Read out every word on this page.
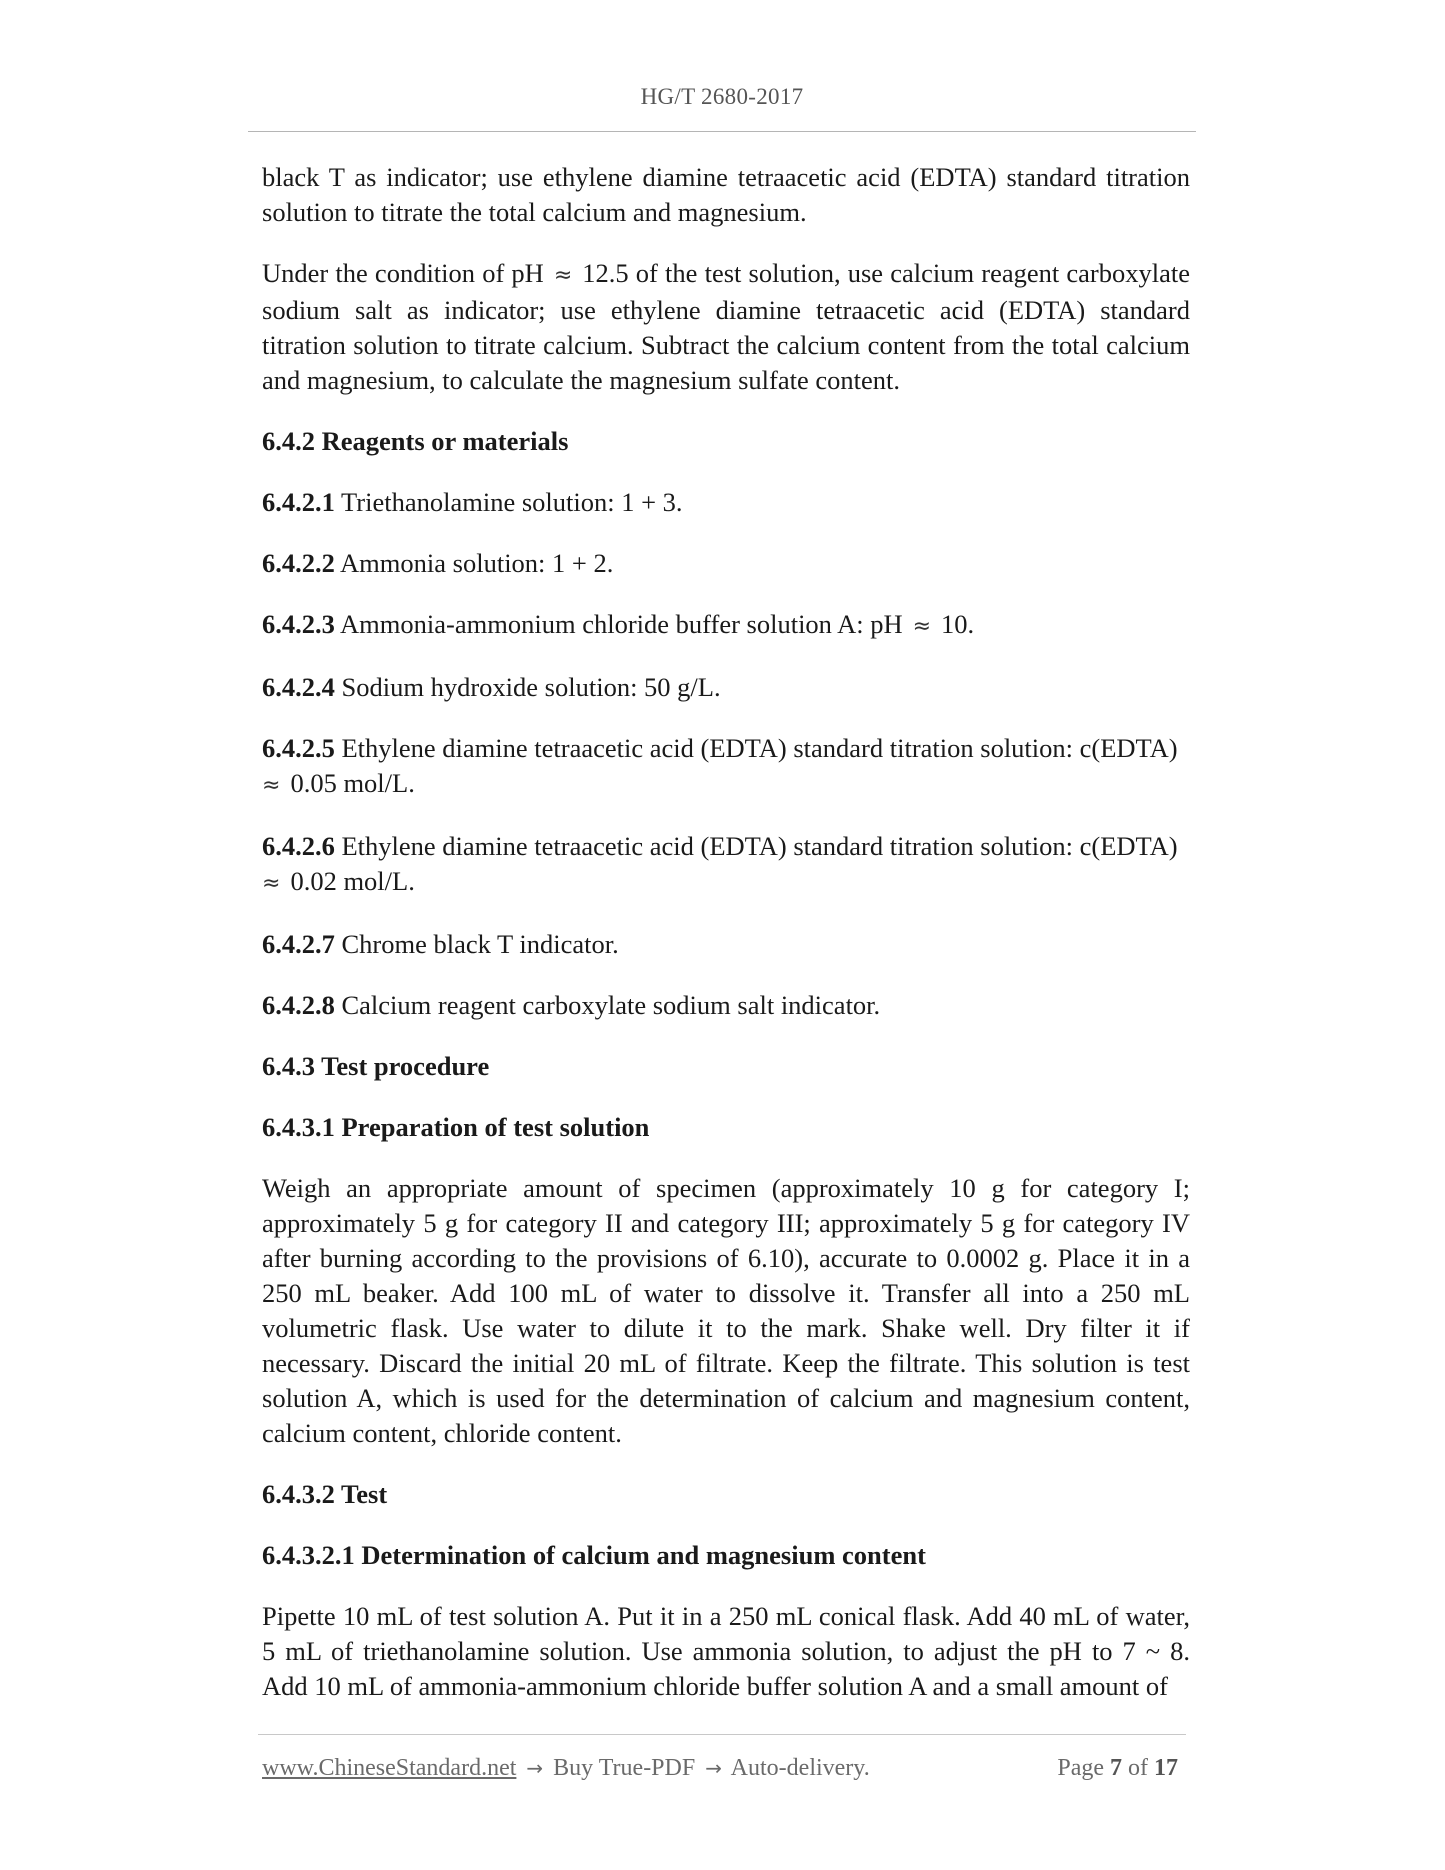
HG/T 2680-2017

black T as indicator; use ethylene diamine tetraacetic acid (EDTA) standard titration solution to titrate the total calcium and magnesium.

Under the condition of pH ≈ 12.5 of the test solution, use calcium reagent carboxylate sodium salt as indicator; use ethylene diamine tetraacetic acid (EDTA) standard titration solution to titrate calcium. Subtract the calcium content from the total calcium and magnesium, to calculate the magnesium sulfate content.

6.4.2 Reagents or materials

6.4.2.1 Triethanolamine solution: 1 + 3.

6.4.2.2 Ammonia solution: 1 + 2.

6.4.2.3 Ammonia-ammonium chloride buffer solution A: pH ≈ 10.

6.4.2.4 Sodium hydroxide solution: 50 g/L.

6.4.2.5 Ethylene diamine tetraacetic acid (EDTA) standard titration solution: c(EDTA)
≈ 0.05 mol/L.

6.4.2.6 Ethylene diamine tetraacetic acid (EDTA) standard titration solution: c(EDTA)
≈ 0.02 mol/L.

6.4.2.7 Chrome black T indicator.

6.4.2.8 Calcium reagent carboxylate sodium salt indicator.

6.4.3 Test procedure

6.4.3.1 Preparation of test solution

Weigh an appropriate amount of specimen (approximately 10 g for category I; approximately 5 g for category II and category III; approximately 5 g for category IV after burning according to the provisions of 6.10), accurate to 0.0002 g. Place it in a 250 mL beaker. Add 100 mL of water to dissolve it. Transfer all into a 250 mL volumetric flask. Use water to dilute it to the mark. Shake well. Dry filter it if necessary. Discard the initial 20 mL of filtrate. Keep the filtrate. This solution is test solution A, which is used for the determination of calcium and magnesium content, calcium content, chloride content.

6.4.3.2 Test

6.4.3.2.1 Determination of calcium and magnesium content

Pipette 10 mL of test solution A. Put it in a 250 mL conical flask. Add 40 mL of water, 5 mL of triethanolamine solution. Use ammonia solution, to adjust the pH to 7 ~ 8. Add 10 mL of ammonia-ammonium chloride buffer solution A and a small amount of

www.ChineseStandard.net → Buy True-PDF → Auto-delivery.	Page 7 of 17
